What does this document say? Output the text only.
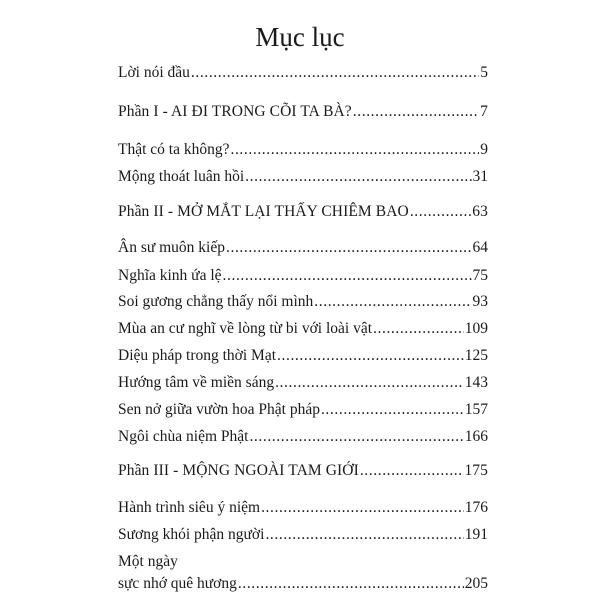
Mục lục
Lời nói đầu .....	5
Phần I - AI ĐI TRONG CÕI TA BÀ? .....	7
Thật có ta không? .....	9
Mộng thoát luân hồi .....	31
Phần II - MỞ MẮT LẠI THẤY CHIÊM BAO .....	63
Ân sư muôn kiếp .....	64
Nghĩa kinh ứa lệ .....	75
Soi gương chẳng thấy nổi mình .....	93
Mùa an cư nghĩ về lòng từ bi với loài vật .....	109
Diệu pháp trong thời Mạt .....	125
Hướng tâm về miền sáng .....	143
Sen nở giữa vườn hoa Phật pháp .....	157
Ngôi chùa niệm Phật .....	166
Phần III - MỘNG NGOÀI TAM GIỚI .....	175
Hành trình siêu ý niệm .....	176
Sương khói phận người .....	191
Một ngày
sực nhớ quê hương .....	205
